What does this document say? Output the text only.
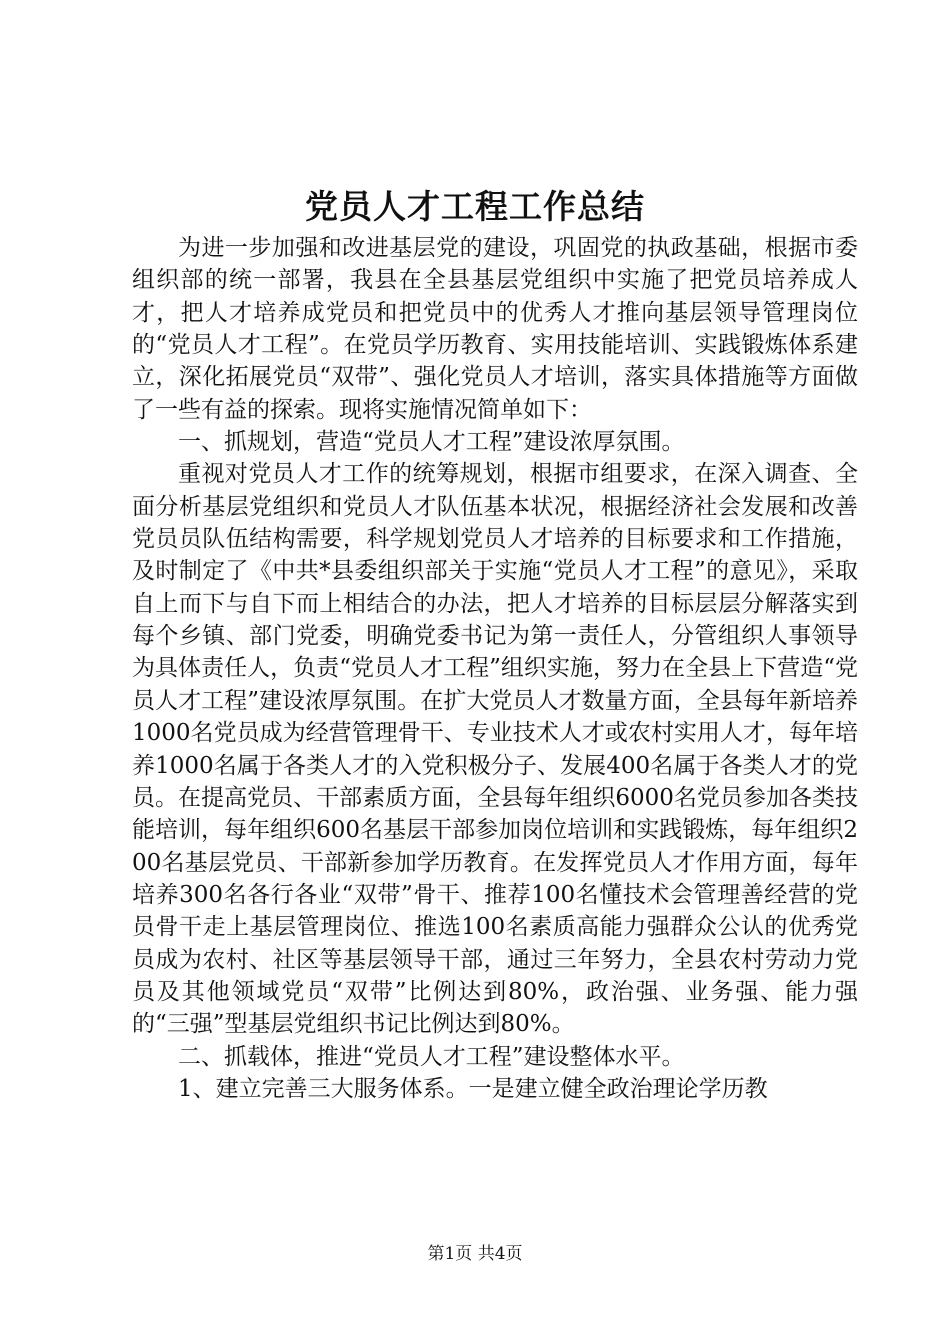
党员人才工程工作总结

为进一步加强和改进基层党的建设，巩固党的执政基础，根据市委组织部的统一部署，我县在全县基层党组织中实施了把党员培养成人才，把人才培养成党员和把党员中的优秀人才推向基层领导管理岗位的“党员人才工程”。在党员学历教育、实用技能培训、实践锻炼体系建立，深化拓展党员“双带”、强化党员人才培训，落实具体措施等方面做了一些有益的探索。现将实施情况简单如下：

一、抓规划，营造“党员人才工程”建设浓厚氛围。

重视对党员人才工作的统筹规划，根据市组要求，在深入调查、全面分析基层党组织和党员人才队伍基本状况，根据经济社会发展和改善党员员队伍结构需要，科学规划党员人才培养的目标要求和工作措施，及时制定了《中共*县委组织部关于实施“党员人才工程”的意见》，采取自上而下与自下而上相结合的办法，把人才培养的目标层层分解落实到每个乡镇、部门党委，明确党委书记为第一责任人，分管组织人事领导为具体责任人，负责“党员人才工程”组织实施，努力在全县上下营造“党员人才工程”建设浓厚氛围。在扩大党员人才数量方面，全县每年新培养1000名党员成为经营管理骨干、专业技术人才或农村实用人才，每年培养1000名属于各类人才的入党积极分子、发展400名属于各类人才的党员。在提高党员、干部素质方面，全县每年组织6000名党员参加各类技能培训，每年组织600名基层干部参加岗位培训和实践锻炼，每年组织200名基层党员、干部新参加学历教育。在发挥党员人才作用方面，每年培养300名各行各业“双带”骨干、推荐100名懂技术会管理善经营的党员骨干走上基层管理岗位、推选100名素质高能力强群众公认的优秀党员成为农村、社区等基层领导干部，通过三年努力，全县农村劳动力党员及其他领域党员“双带”比例达到80%，政治强、业务强、能力强的“三强”型基层党组织书记比例达到80%。

二、抓载体，推进“党员人才工程”建设整体水平。

1、建立完善三大服务体系。一是建立健全政治理论学历教

第1页 共4页
